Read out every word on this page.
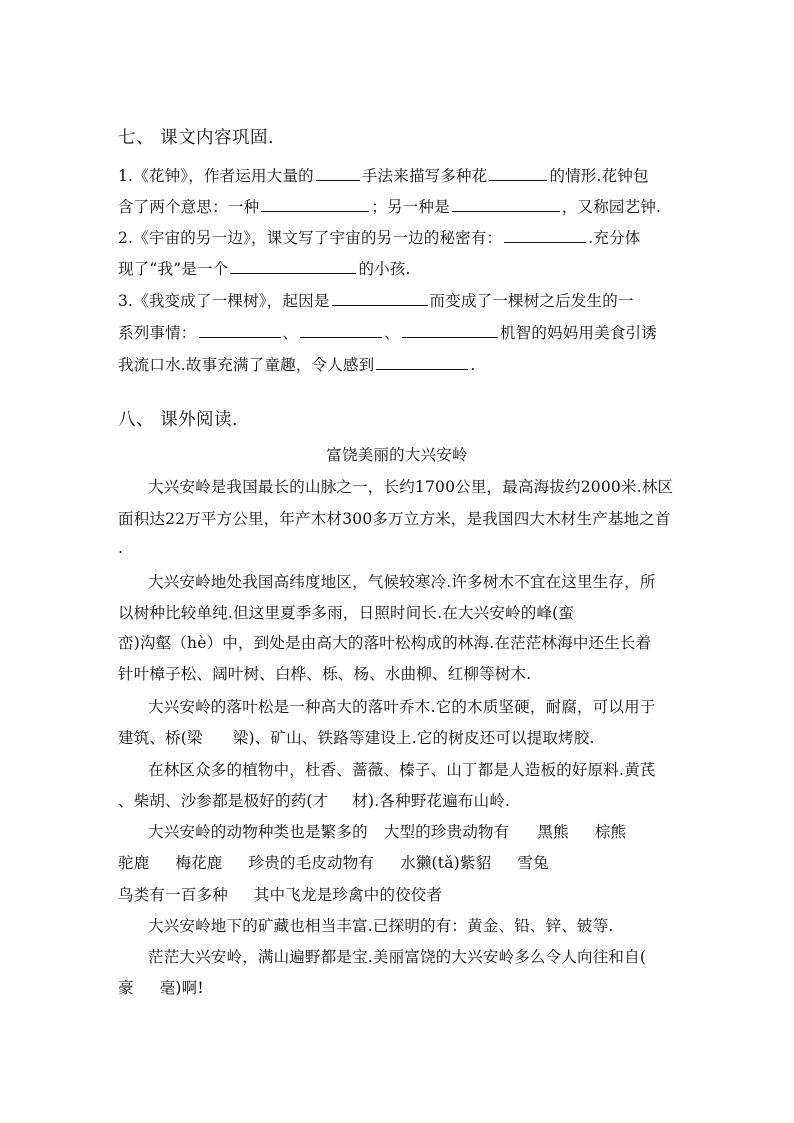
七、 课文内容巩固.
1.《花钟》，作者运用大量的	手法来描写多种花	的情形.花钟包
含了两个意思：一种	；另一种是	，又称园艺钟.
2.《宇宙的另一边》，课文写了宇宙的另一边的秘密有：	.充分体
现了“我”是一个	的小孩.
3.《我变成了一棵树》，起因是	而变成了一棵树之后发生的一
系列事情：	、	、	机智的妈妈用美食引诱
我流口水.故事充满了童趣，令人感到	.
八、 课外阅读.
富饶美丽的大兴安岭
大兴安岭是我国最长的山脉之一，长约1700公里，最高海拔约2000米.林区
面积达22万平方公里，年产木材300多万立方米，是我国四大木材生产基地之首
.
大兴安岭地处我国高纬度地区，气候较寒冷.许多树木不宜在这里生存，所
以树种比较单纯.但这里夏季多雨，日照时间长.在大兴安岭的峰(蛮
峦)沟壑（hè）中，到处是由高大的落叶松构成的林海.在茫茫林海中还生长着
针叶樟子松、阔叶树、白桦、栎、杨、水曲柳、红柳等树木.
大兴安岭的落叶松是一种高大的落叶乔木.它的木质坚硬，耐腐，可以用于
建筑、桥(梁 梁)、矿山、铁路等建设上.它的树皮还可以提取烤胶.
在林区众多的植物中，杜香、蔷薇、榛子、山丁都是人造板的好原料.黄芪
、柴胡、沙参都是极好的药(才 材).各种野花遍布山岭.
大兴安岭的动物种类也是繁多的 大型的珍贵动物有 黑熊 棕熊
驼鹿 梅花鹿 珍贵的毛皮动物有 水獭(tǎ)紫貂 雪兔
鸟类有一百多种 其中飞龙是珍禽中的佼佼者
大兴安岭地下的矿藏也相当丰富.已探明的有：黄金、铅、锌、铍等.
茫茫大兴安岭，满山遍野都是宝.美丽富饶的大兴安岭多么令人向往和自(
豪 毫)啊!
